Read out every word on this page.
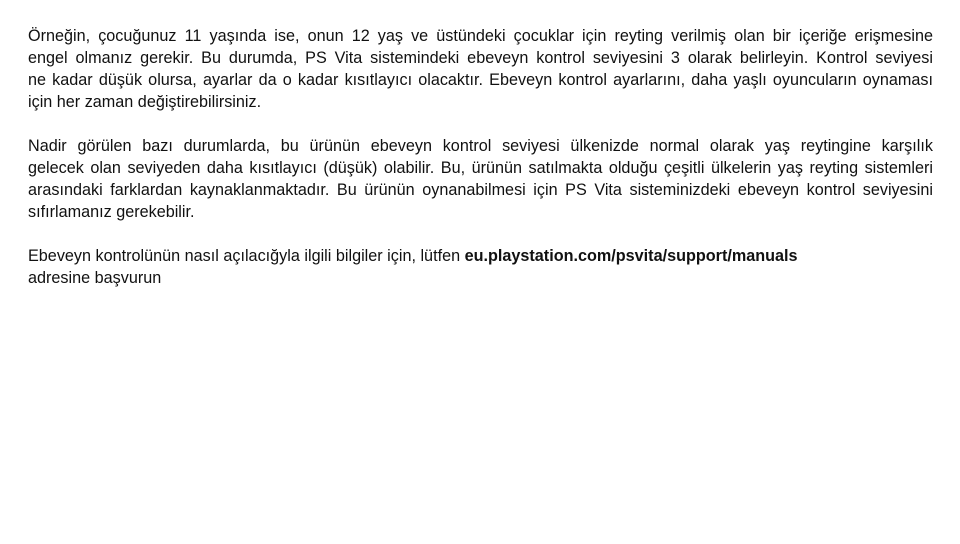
Örneğin, çocuğunuz 11 yaşında ise, onun 12 yaş ve üstündeki çocuklar için reyting verilmiş olan bir içeriğe erişmesine
engel olmanız gerekir. Bu durumda, PS Vita sistemindeki ebeveyn kontrol seviyesini 3 olarak belirleyin. Kontrol seviyesi
ne kadar düşük olursa, ayarlar da o kadar kısıtlayıcı olacaktır. Ebeveyn kontrol ayarlarını, daha yaşlı oyuncuların oynaması
için her zaman değiştirebilirsiniz.
Nadir görülen bazı durumlarda, bu ürünün ebeveyn kontrol seviyesi ülkenizde normal olarak yaş reytingine karşılık
gelecek olan seviyeden daha kısıtlayıcı (düşük) olabilir. Bu, ürünün satılmakta olduğu çeşitli ülkelerin yaş reyting sistemleri
arasındaki farklardan kaynaklanmaktadır. Bu ürünün oynanabilmesi için PS Vita sisteminizdeki ebeveyn kontrol seviyesini
sıfırlamanız gerekebilir.
Ebeveyn kontrolünün nasıl açılacığyla ilgili bilgiler için, lütfen eu.playstation.com/psvita/support/manuals
adresine başvurun
